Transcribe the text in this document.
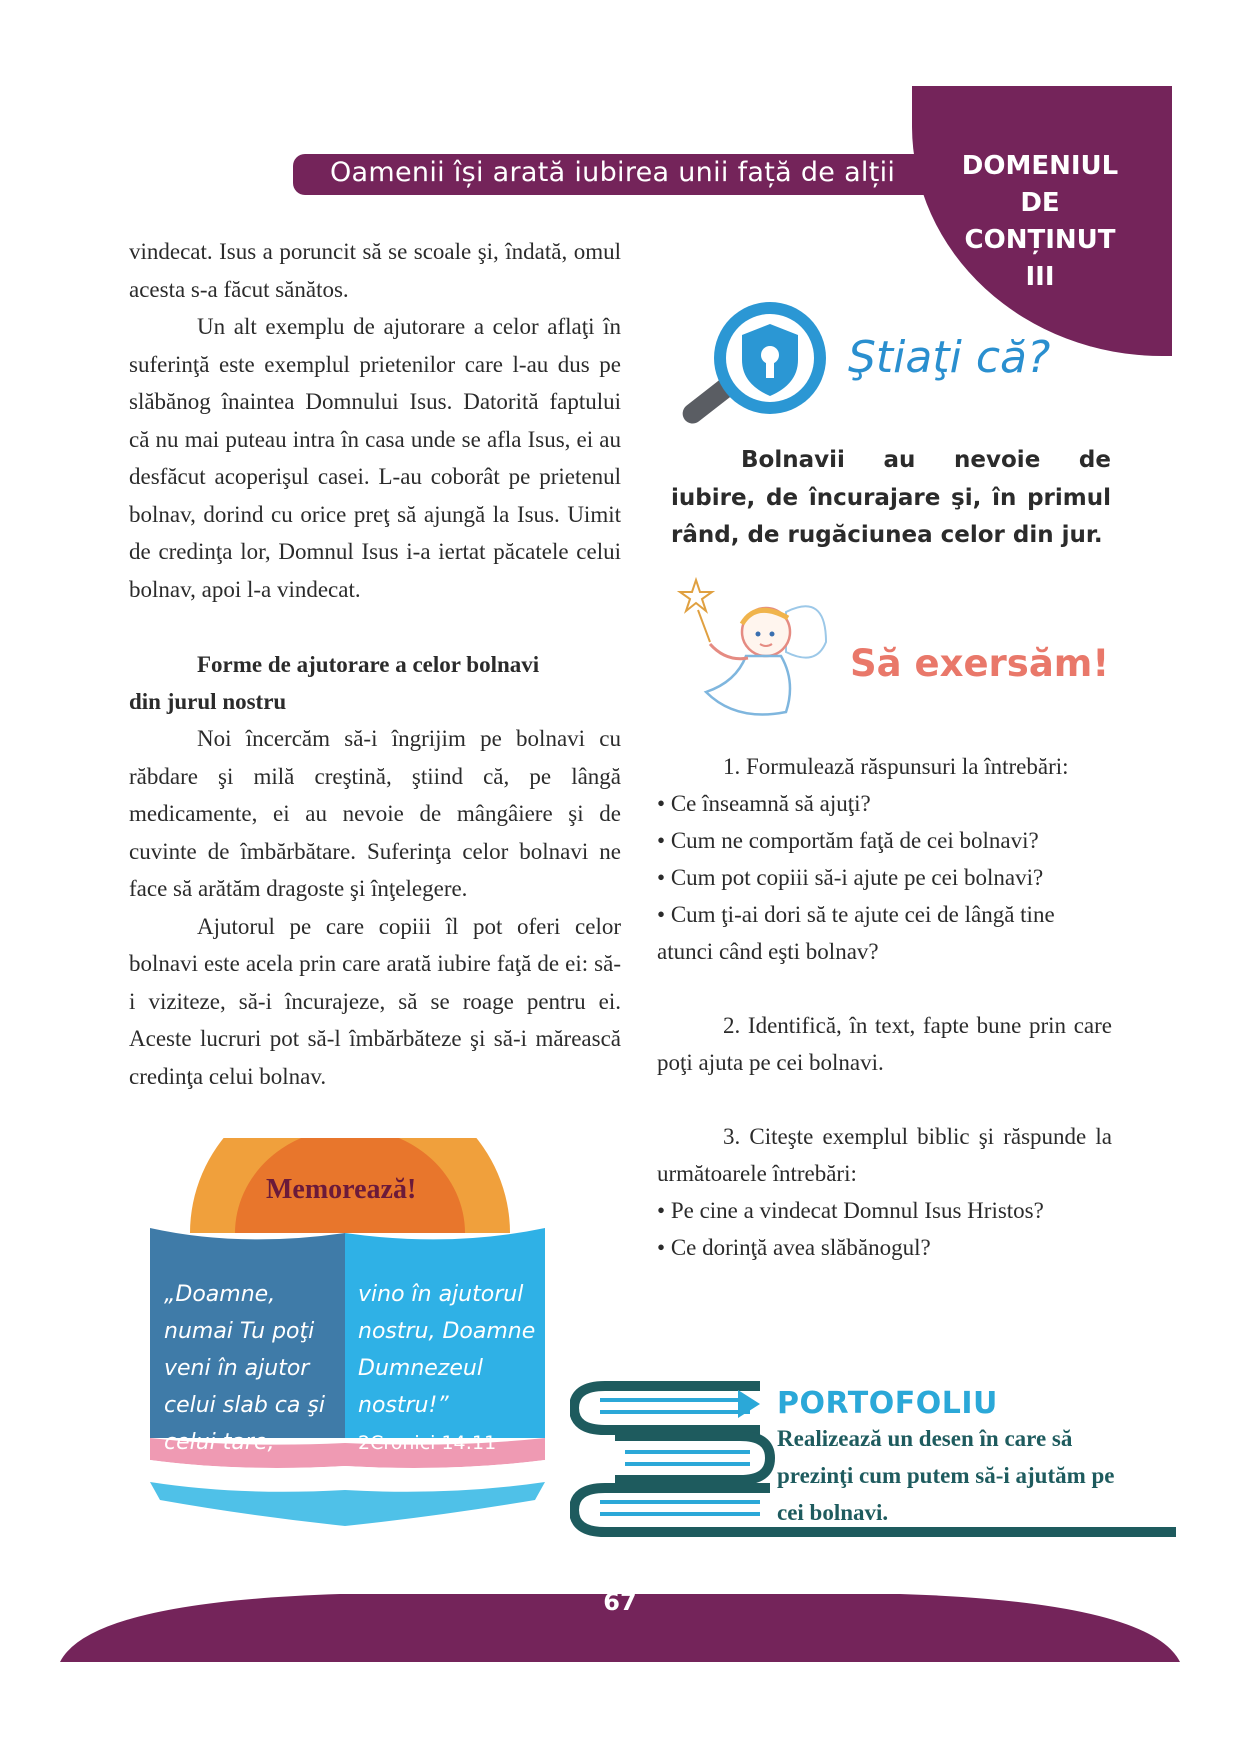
Oamenii își arată iubirea unii față de alții	DOMENIUL
DE
CONȚINUT
III

vindecat. Isus a poruncit să se scoale şi, îndată, omul acesta s-a făcut sănătos.

Un alt exemplu de ajutorare a celor aflaţi în suferinţă este exemplul prietenilor care l-au dus pe slăbănog înaintea Domnului Isus. Datorită faptului că nu mai puteau intra în casa unde se afla Isus, ei au desfăcut acoperişul casei. L-au coborât pe prietenul bolnav, dorind cu orice preţ să ajungă la Isus. Uimit de credinţa lor, Domnul Isus i-a iertat păcatele celui bolnav, apoi l-a vindecat.

Forme de ajutorare a celor bolnavi
din jurul nostru

Noi încercăm să-i îngrijim pe bolnavi cu răbdare şi milă creştină, ştiind că, pe lângă medicamente, ei au nevoie de mângâiere şi de cuvinte de îmbărbătare. Suferinţa celor bolnavi ne face să arătăm dragoste şi înţelegere.

Ajutorul pe care copiii îl pot oferi celor bolnavi este acela prin care arată iubire faţă de ei: să-i viziteze, să-i încurajeze, să se roage pentru ei. Aceste lucruri pot să-l îmbărbăteze şi să-i mărească credinţa celui bolnav.

Memorează!
„Doamne, numai Tu poţi veni în ajutor celui slab ca şi celui tare,
vino în ajutorul nostru, Doamne Dumnezeul nostru!”
2Cronici 14:11
Ştiaţi că?

Bolnavii au nevoie de iubire, de încurajare şi, în primul rând, de rugăciunea celor din jur.

Să exersăm!

1. Formulează răspunsuri la întrebări:

• Ce înseamnă să ajuţi?

• Cum ne comportăm faţă de cei bolnavi?

• Cum pot copiii să-i ajute pe cei bolnavi?

• Cum ţi-ai dori să te ajute cei de lângă tine atunci când eşti bolnav?

2. Identifică, în text, fapte bune prin care poţi ajuta pe cei bolnavi.

3. Citeşte exemplul biblic şi răspunde la următoarele întrebări:

• Pe cine a vindecat Domnul Isus Hristos?

• Ce dorinţă avea slăbănogul?

PORTOFOLIU
Realizează un desen în care să prezinţi cum putem să-i ajutăm pe cei bolnavi.
67
